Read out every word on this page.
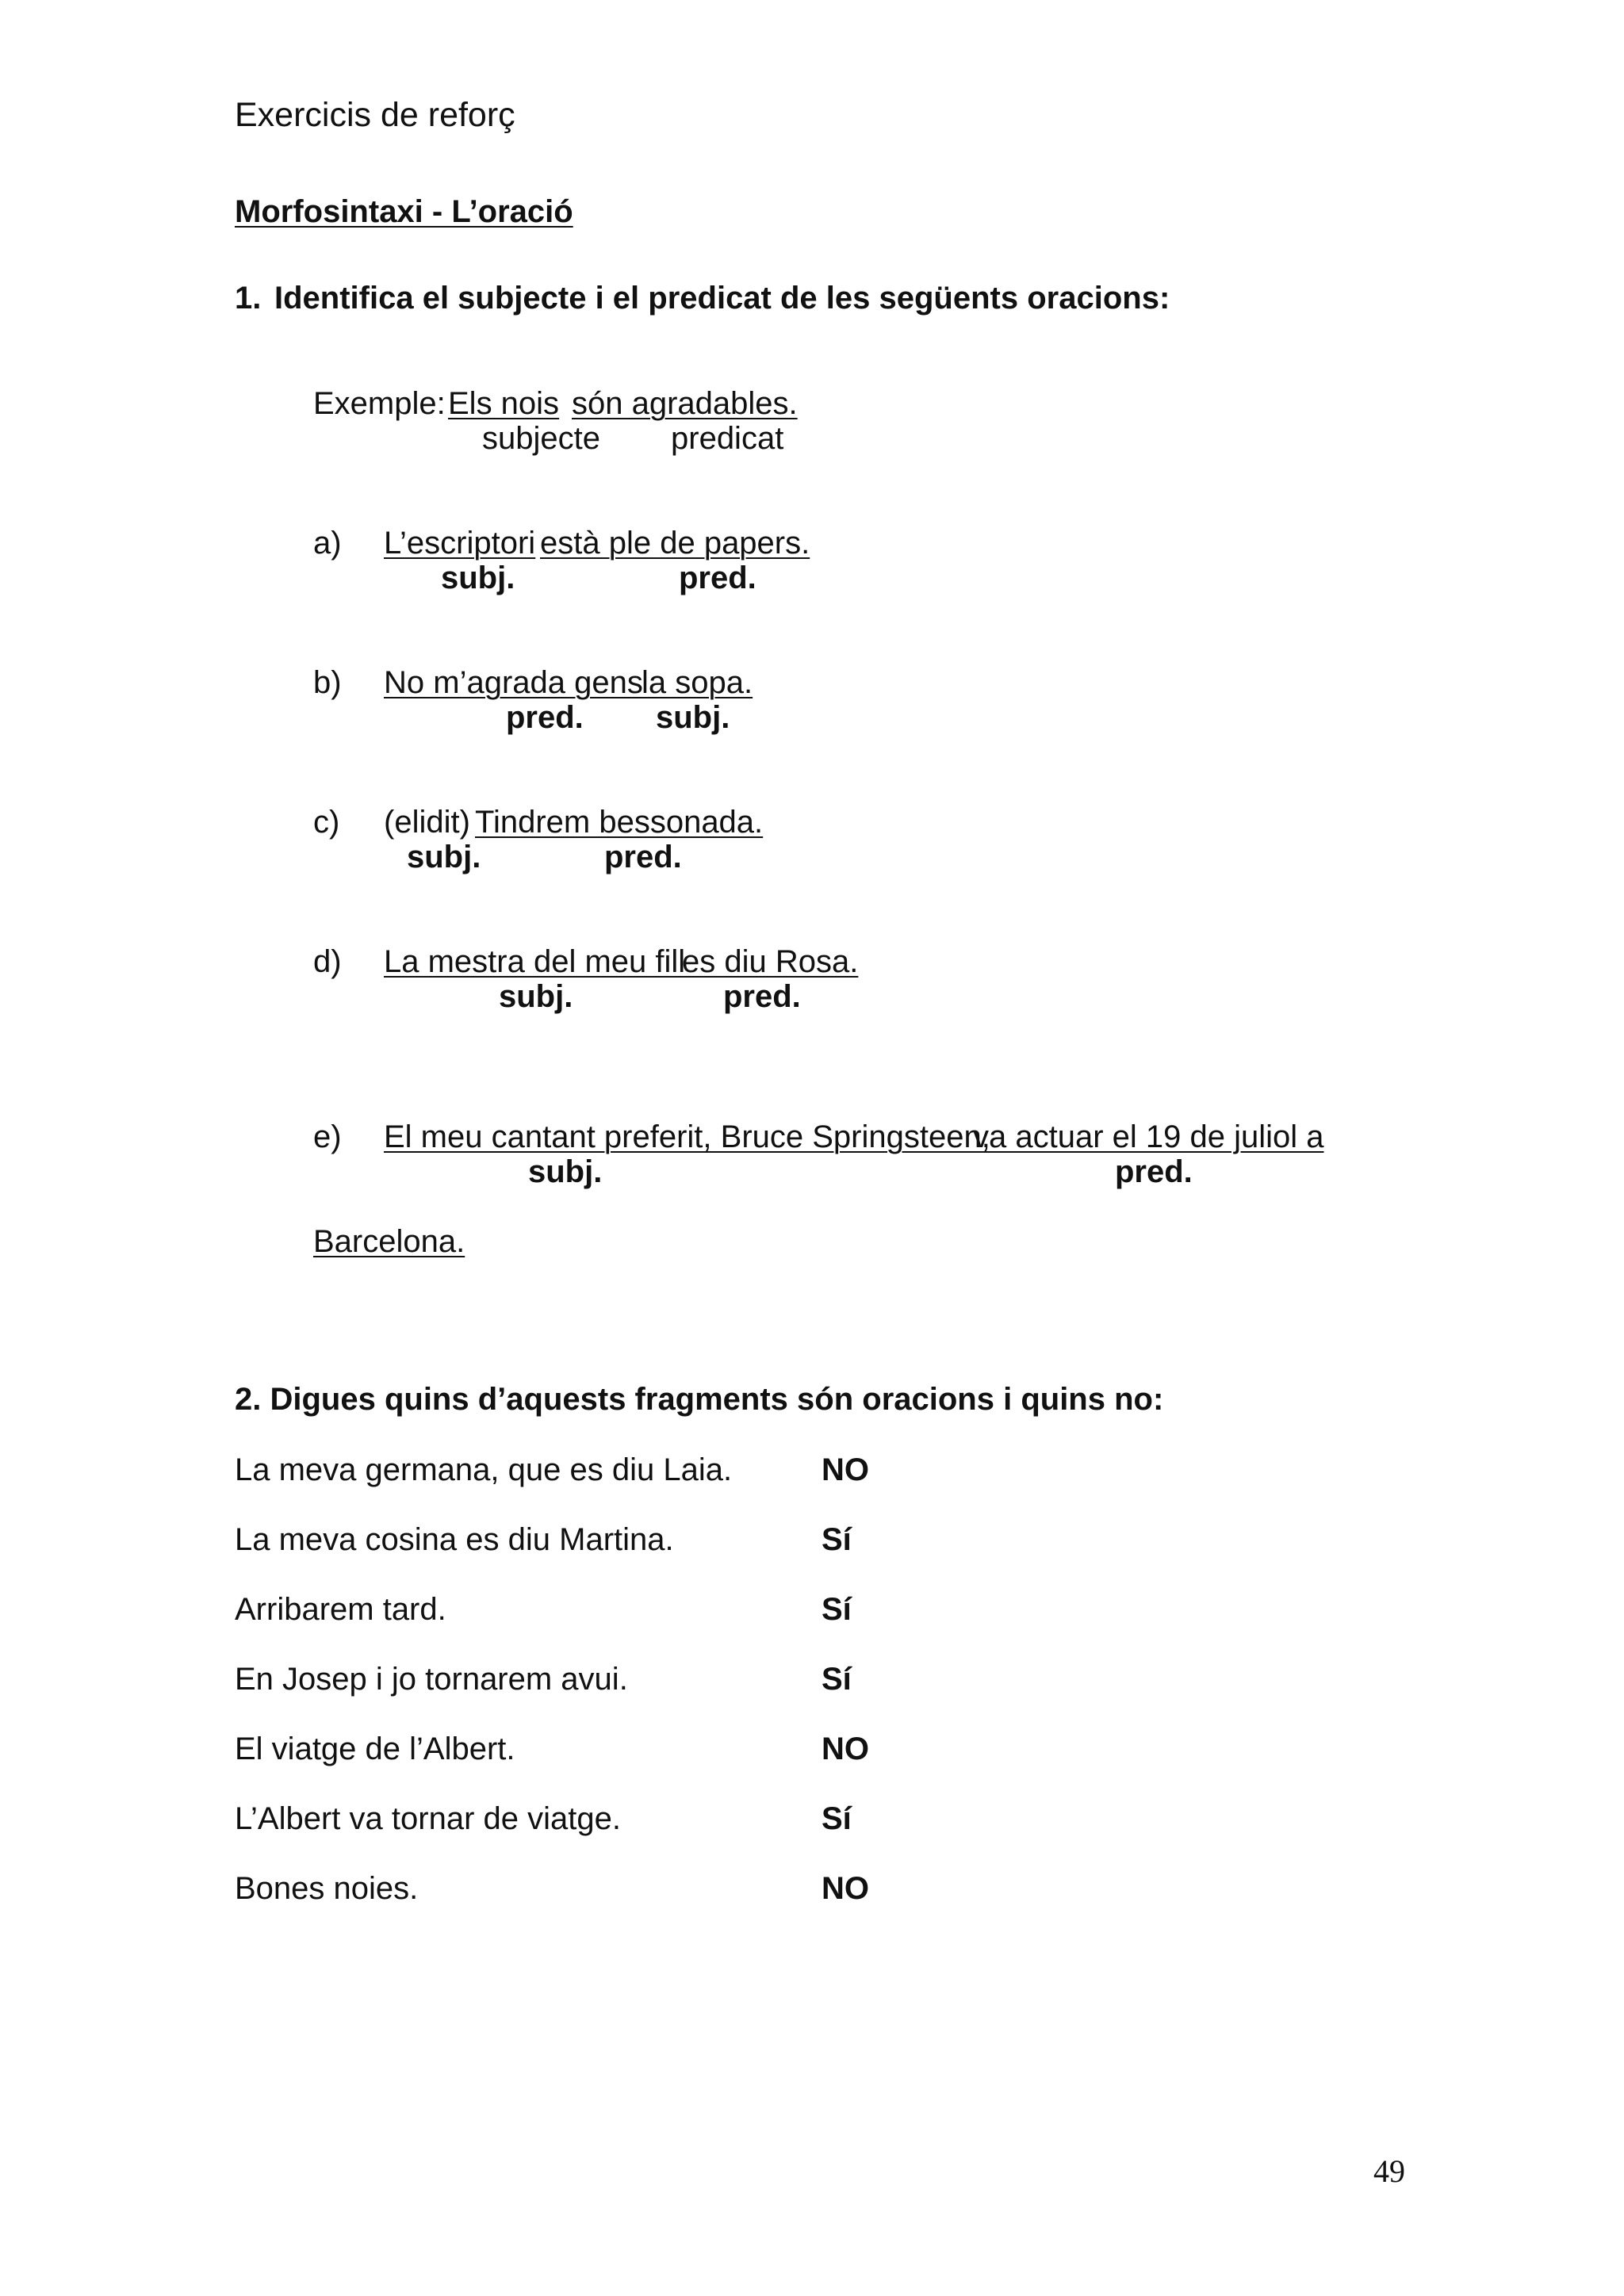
Exercicis de reforç
Morfosintaxi - L’oració
1. Identifica el subjecte i el predicat de les següents oracions:
Exemple: Els nois són agradables.
subjecte predicat
a) L’escriptori està ple de papers.
subj.	pred.
b) No m’agrada gens
la sopa.
pred. subj.
c) (elidit) Tindrem bessonada.
subj.	pred.
d) La mestra del meu fill
es diu Rosa.
subj.	pred.
e) El meu cantant preferit, Bruce Springsteen,
va actuar el 19 de juliol a
subj.	pred.
Barcelona.
2. Digues quins d’aquests fragments són oracions i quins no:
La meva germana, que es diu Laia.	NO
La meva cosina es diu Martina.	Sí
Arribarem tard.	Sí
En Josep i jo tornarem avui.	Sí
El viatge de l’Albert.	NO
L’Albert va tornar de viatge.	Sí
Bones noies.	NO
49
